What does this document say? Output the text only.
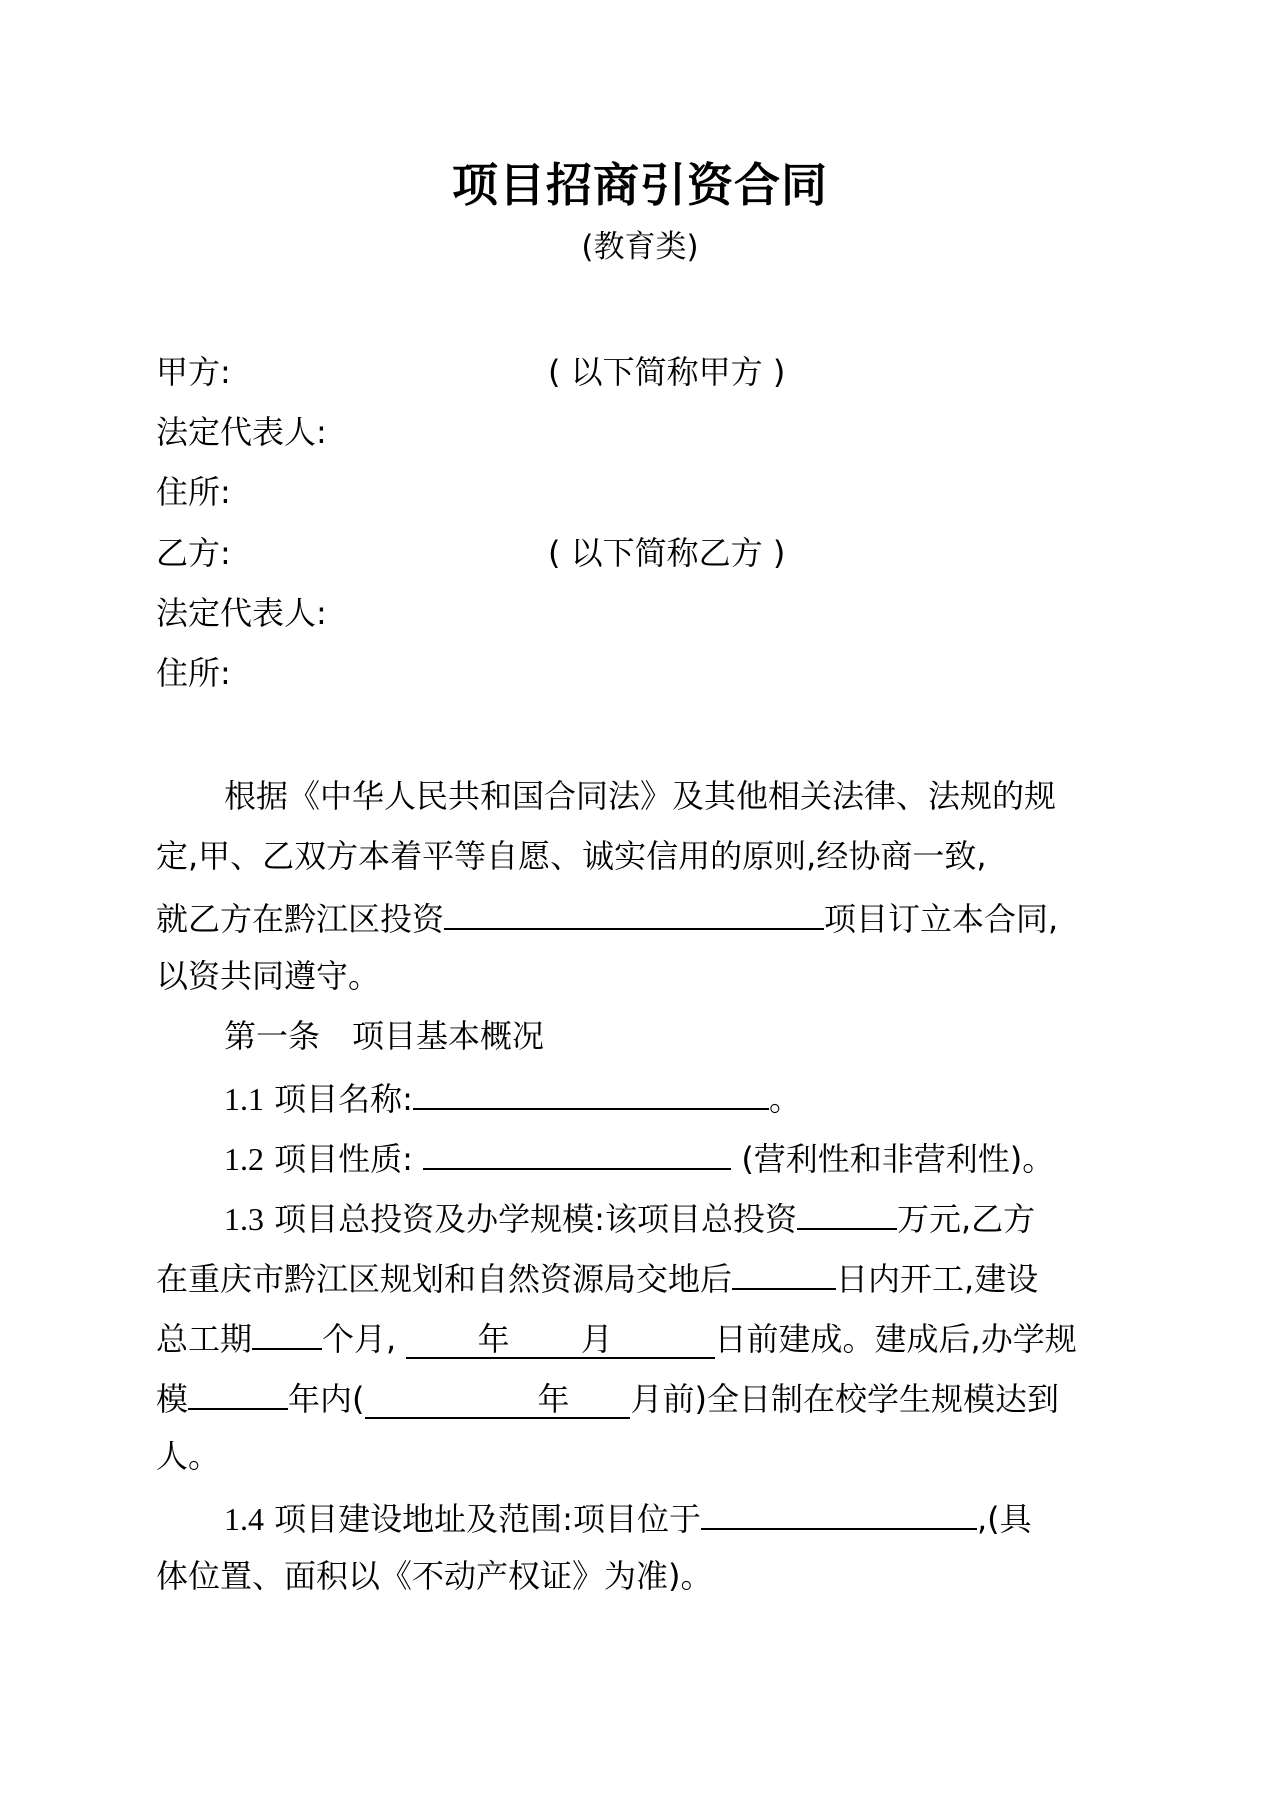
项目招商引资合同
(教育类)
甲方:	( 以下简称甲方 )
法定代表人:
住所:
乙方:	( 以下简称乙方 )
法定代表人:
住所:
根据《中华人民共和国合同法》及其他相关法律、法规的规
定,甲、乙双方本着平等自愿、诚实信用的原则,经协商一致,
就乙方在黔江区投资	项目订立本合同,
以资共同遵守。
第一条　项目基本概况
1.1 项目名称:	。
1.2 项目性质:	(营利性和非营利性)。
1.3 项目总投资及办学规模:该项目总投资	万元,乙方
在重庆市黔江区规划和自然资源局交地后	日内开工,建设
总工期 个月,	年 月	日前建成。建成后,办学规
模	年内(	年 月前)全日制在校学生规模达到
人。
1.4 项目建设地址及范围:项目位于	,(具
体位置、面积以《不动产权证》为准)。
